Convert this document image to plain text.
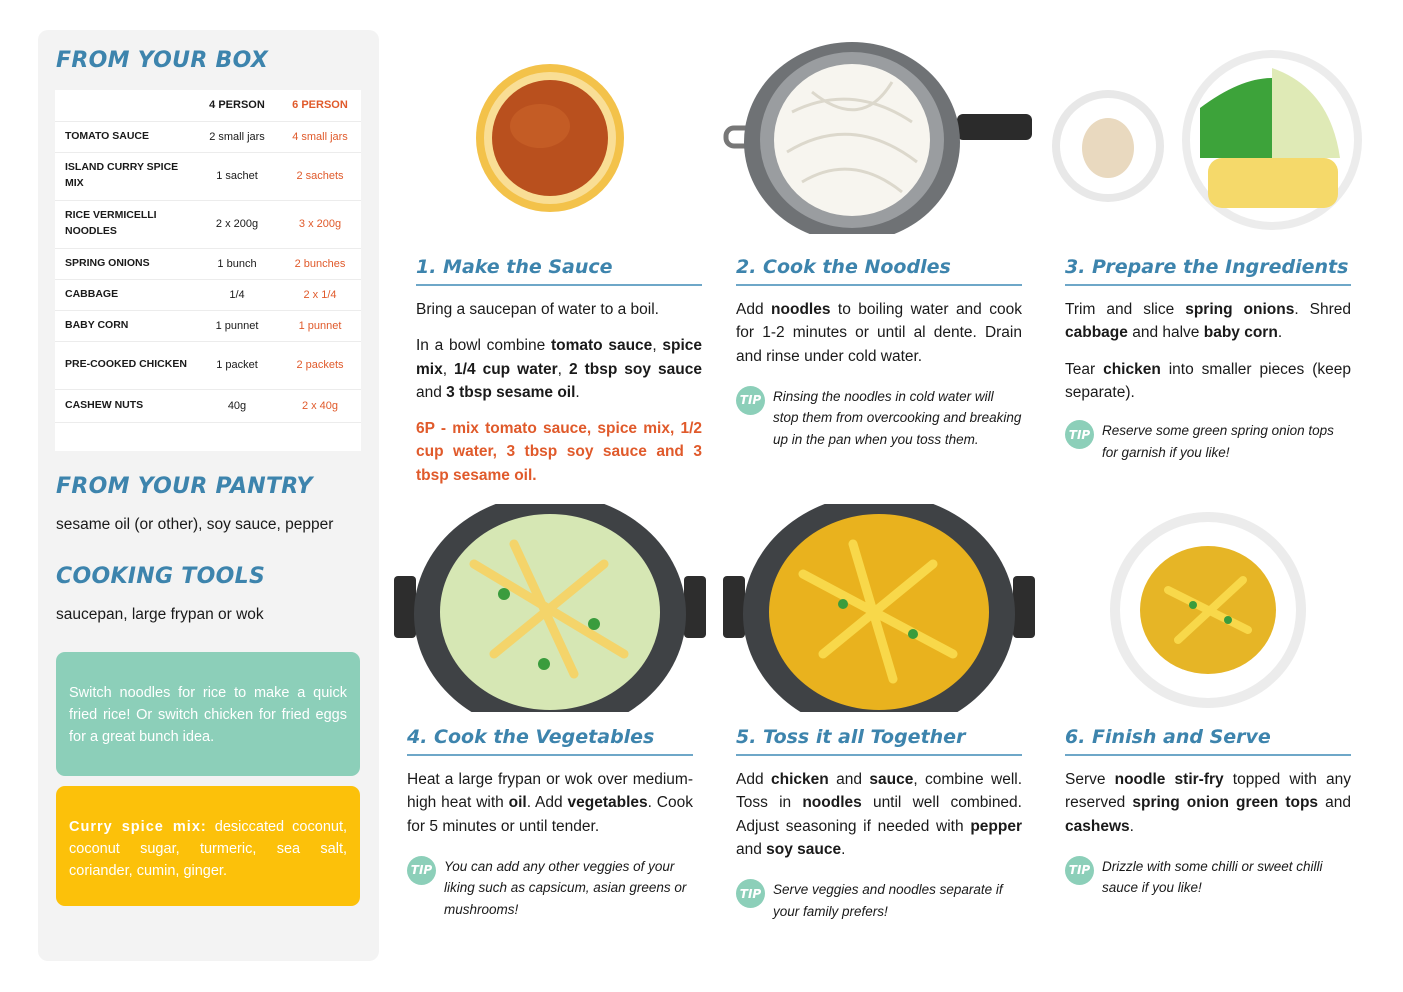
FROM YOUR BOX
	4 PERSON	6 PERSON
TOMATO SAUCE	2 small jars	4 small jars
ISLAND CURRY SPICE MIX	1 sachet	2 sachets
RICE VERMICELLI NOODLES	2 x 200g	3 x 200g
SPRING ONIONS	1 bunch	2 bunches
CABBAGE	1/4	2 x 1/4
BABY CORN	1 punnet	1 punnet
PRE-COOKED CHICKEN	1 packet	2 packets
CASHEW NUTS	40g	2 x 40g
FROM YOUR PANTRY
sesame oil (or other), soy sauce, pepper
COOKING TOOLS
saucepan, large frypan or wok
Switch noodles for rice to make a quick fried rice! Or switch chicken for fried eggs for a great bunch idea.
Curry spice mix: desiccated coconut, coconut sugar, turmeric, sea salt, coriander, cumin, ginger.
1. Make the Sauce

Bring a saucepan of water to a boil.

In a bowl combine tomato sauce, spice mix, 1/4 cup water, 2 tbsp soy sauce and 3 tbsp sesame oil.

6P - mix tomato sauce, spice mix, 1/2 cup water, 3 tbsp soy sauce and 3 tbsp sesame oil.

2. Cook the Noodles

Add noodles to boiling water and cook for 1-2 minutes or until al dente. Drain and rinse under cold water.

TIP Rinsing the noodles in cold water will stop them from overcooking and breaking up in the pan when you toss them.
3. Prepare the Ingredients

Trim and slice spring onions. Shred cabbage and halve baby corn.

Tear chicken into smaller pieces (keep separate).

TIP Reserve some green spring onion tops for garnish if you like!
4. Cook the Vegetables

Heat a large frypan or wok over medium-high heat with oil. Add vegetables. Cook for 5 minutes or until tender.

TIP You can add any other veggies of your liking such as capsicum, asian greens or mushrooms!
5. Toss it all Together

Add chicken and sauce, combine well. Toss in noodles until well combined. Adjust seasoning if needed with pepper and soy sauce.

TIP Serve veggies and noodles separate if your family prefers!
6. Finish and Serve

Serve noodle stir-fry topped with any reserved spring onion green tops and cashews.

TIP Drizzle with some chilli or sweet chilli sauce if you like!
